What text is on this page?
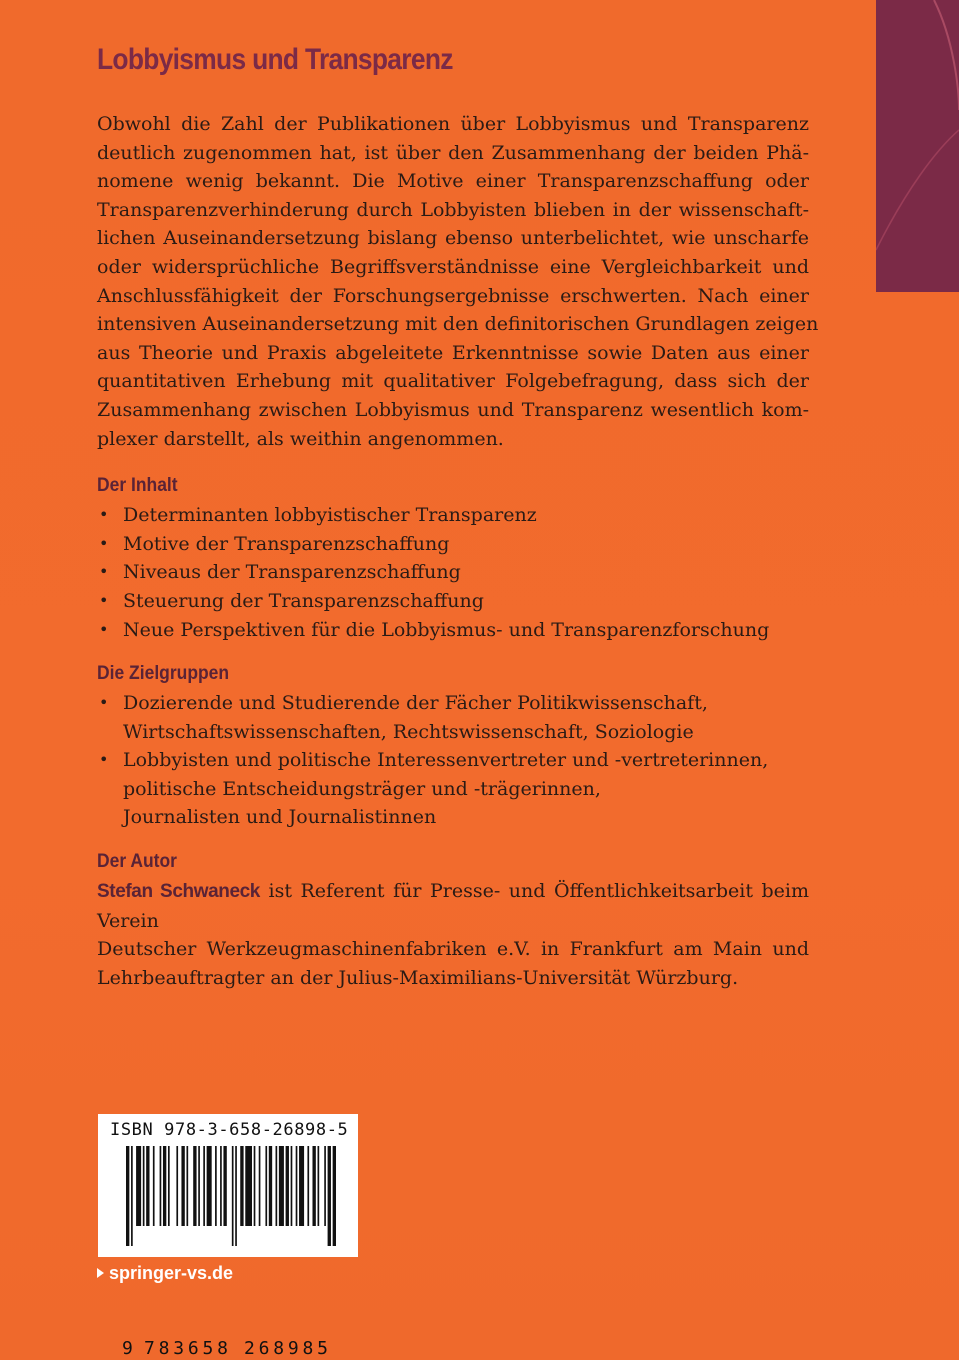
Lobbyismus und Transparenz

Obwohl die Zahl der Publikationen über Lobbyismus und Transparenz
deutlich zugenommen hat, ist über den Zusammenhang der beiden Phä-
nomene wenig bekannt. Die Motive einer Transparenzschaffung oder
Transparenzverhinderung durch Lobbyisten blieben in der wissenschaft-
lichen Auseinandersetzung bislang ebenso unterbelichtet, wie unscharfe
oder widersprüchliche Begriffsverständnisse eine Vergleichbarkeit und
Anschlussfähigkeit der Forschungsergebnisse erschwerten. Nach einer
intensiven Auseinandersetzung mit den definitorischen Grundlagen zeigen
aus Theorie und Praxis abgeleitete Erkenntnisse sowie Daten aus einer
quantitativen Erhebung mit qualitativer Folgebefragung, dass sich der
Zusammenhang zwischen Lobbyismus und Transparenz wesentlich kom-
plexer darstellt, als weithin angenommen.

Der Inhalt
• Determinanten lobbyistischer Transparenz
• Motive der Transparenzschaffung
• Niveaus der Transparenzschaffung
• Steuerung der Transparenzschaffung
• Neue Perspektiven für die Lobbyismus- und Transparenzforschung
Die Zielgruppen
• Dozierende und Studierende der Fächer Politikwissenschaft,
Wirtschaftswissenschaften, Rechtswissenschaft, Soziologie
• Lobbyisten und politische Interessenvertreter und -vertreterinnen,
politische Entscheidungsträger und -trägerinnen,
Journalisten und Journalistinnen
Der Autor

Stefan Schwaneck ist Referent für Presse- und Öffentlichkeitsarbeit beim Verein
Deutscher Werkzeugmaschinenfabriken e.V. in Frankfurt am Main und
Lehrbeauftragter an der Julius-Maximilians-Universität Würzburg.

ISBN 978-3-658-26898-5
9 783658 268985
springer-vs.de
